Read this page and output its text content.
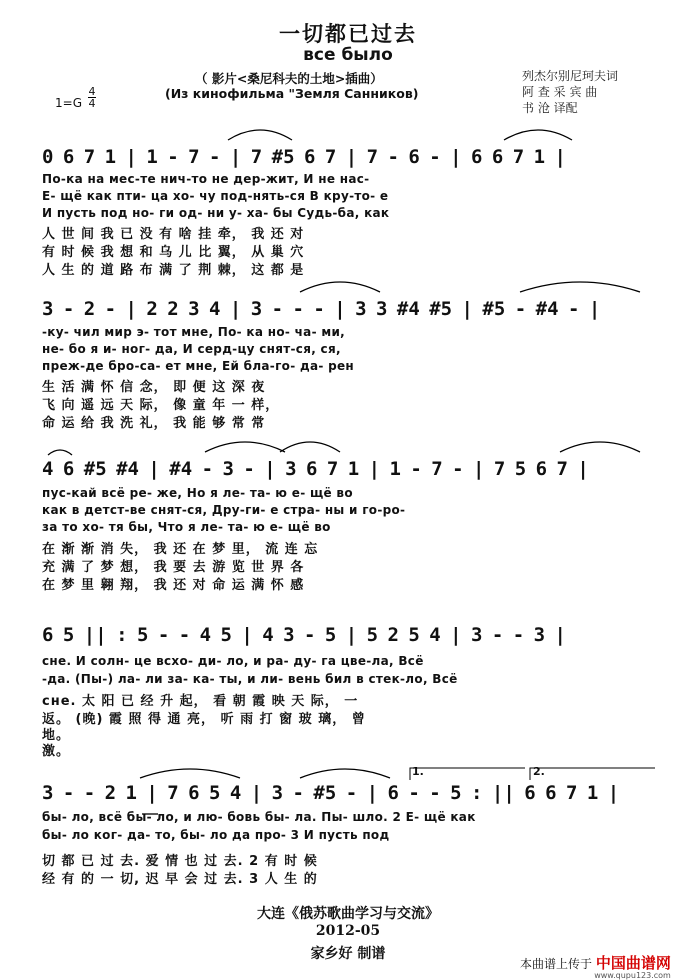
一切都已过去
все было
（ 影片<桑尼科夫的土地>插曲）
(Из кинофильма "Земля Санников)
列杰尔别尼珂夫词
阿 查 采 宾 曲
书 沧 译配
1=G
4
4
0 6 7 1 | 1 - 7 - | 7 #5 6 7 | 7 - 6 - | 6 6 7 1 |
По-ка на мес-те нич-то не дер-жит, И не нас-
Е- щё как пти- ца хо- чу под-нять-ся В кру-то- е
И пусть под но- ги од- ни у- ха- бы Судь-ба, как
人 世 间 我 已 没 有 啥 挂 牵， 我 还 对
有 时 候 我 想 和 乌 儿 比 翼， 从 巢 穴
人 生 的 道 路 布 满 了 荆 棘， 这 都 是
3 - 2 - | 2 2 3 4 | 3 - - - | 3 3 #4 #5 | #5 - #4 - |
-ку- чил мир э- тот мне, По- ка но- ча- ми,
не- бо я и- ног- да, И серд-цу снят-ся, ся,
преж-де бро-са- ет мне, Ей бла-го- да- рен
生 活 满 怀 信 念， 即 便 这 深 夜
飞 向 遥 远 天 际， 像 童 年 一 样，
命 运 给 我 洗 礼， 我 能 够 常 常
4 6 #5 #4 | #4 - 3 - | 3 6 7 1 | 1 - 7 - | 7 5 6 7 |
пус-кай всё ре- же, Но я ле- та- ю е- щё во
как в детст-ве снят-ся, Дру-ги- е стра- ны и го-ро-
за то хо- тя бы, Что я ле- та- ю е- щё во
在 渐 渐 消 失， 我 还 在 梦 里， 流 连 忘
充 满 了 梦 想， 我 要 去 游 览 世 界 各
在 梦 里 翱 翔， 我 还 对 命 运 满 怀 感
6 5 || : 5 - - 4 5 | 4 3 - 5 | 5 2 5 4 | 3 - - 3 |
сне. И солн- це всхо- ди- ло, и ра- ду- га цве-ла, Всё
-да. (Пы-) ла- ли за- ка- ты, и ли- вень бил в стек-ло, Всё
сне. 太 阳 已 经 升 起， 看 朝 霞 映 天 际， 一
返。 (晚) 霞 照 得 通 亮， 听 雨 打 窗 玻 璃， 曾
地。
激。
1.	2.
3 - - 2 1 | 7 6 5 4 | 3 - #5 - | 6 - - 5 : || 6 6 7 1 |
бы- ло, всё бы- ло, и лю- бовь бы- ла. Пы- шло. 2 Е- щё как
бы- ло ког- да- то, бы- ло да про- 3 И пусть под
切 都 已 过 去. 爱 情 也 过 去. 2 有 时 候
经 有 的 一 切, 迟 早 会 过 去. 3 人 生 的
大连《俄苏歌曲学习与交流》
2012-05
家乡好 制谱
本曲谱上传于 中国曲谱网
www.qupu123.com
